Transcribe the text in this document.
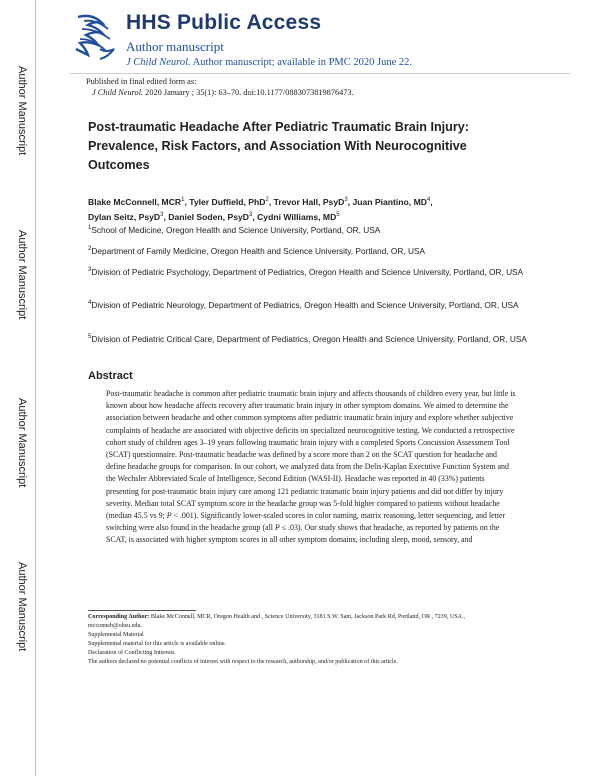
Author Manuscript
Author Manuscript
Author Manuscript
Author Manuscript
HHS Public Access
Author manuscript
J Child Neurol. Author manuscript; available in PMC 2020 June 22.
Published in final edited form as:
J Child Neurol. 2020 January ; 35(1): 63–70. doi:10.1177/0883073819876473.
Post-traumatic Headache After Pediatric Traumatic Brain Injury: Prevalence, Risk Factors, and Association With Neurocognitive Outcomes
Blake McConnell, MCR$^1$, Tyler Duffield, PhD$^2$, Trevor Hall, PsyD$^3$, Juan Piantino, $MD^4$,
Dylan Seitz, PsyD$^3$, Daniel Soden, PsyD$^3$, Cydni Williams, $MD^5$
$^1$School of Medicine, Oregon Health and Science University, Portland, OR, USA
$^2$Department of Family Medicine, Oregon Health and Science University, Portland, OR, USA
$^3$Division of Pediatric Psychology, Department of Pediatrics, Oregon Health and Science University, Portland, OR, USA
$^4$Division of Pediatric Neurology, Department of Pediatrics, Oregon Health and Science University, Portland, OR, USA
$^5$Division of Pediatric Critical Care, Department of Pediatrics, Oregon Health and Science University, Portland, OR, USA
Abstract

Post-traumatic headache is common after pediatric traumatic brain injury and affects thousands of children every year, but little is known about how headache affects recovery after traumatic brain injury in other symptom domains. We aimed to determine the association between headache and other common symptoms after pediatric traumatic brain injury and explore whether subjective complaints of headache are associated with objective deficits on specialized neurocognitive testing. We conducted a retrospective cohort study of children ages 3–19 years following traumatic brain injury with a completed Sports Concussion Assessment Tool (SCAT) questionnaire. Post-traumatic headache was defined by a score more than 2 on the SCAT question for headache and define headache groups for comparison. In our cohort, we analyzed data from the Delis-Kaplan Executive Function System and the Wechsler Abbreviated Scale of Intelligence, Second Edition (WASI-II). Headache was reported in 40 (33%) patients presenting for post-traumatic brain injury care among 121 pediatric traumatic brain injury patients and did not differ by injury severity. Median total SCAT symptom score in the headache group was 5-fold higher compared to patients without headache (median 45.5 vs 9; P < .001). Significantly lower-scaled scores in color naming, matrix reasoning, letter sequencing, and letter switching were also found in the headache group (all P ≤ .03). Our study shows that headache, as reported by patients on the SCAT, is associated with higher symptom scores in all other symptom domains, including sleep, mood, sensory, and

Corresponding Author: Blake McConnell, MCR, Oregon Health and , Science University, 3181 S.W. Sam, Jackson Park Rd, Portland, OR , 7239, USA., mcconneb@ohsu.edu.

Supplemental Material

Supplemental material for this article is available online.

Declaration of Conflicting Interests

The authors declared no potential conflicts of interest with respect to the research, authorship, and/or publication of this article.
